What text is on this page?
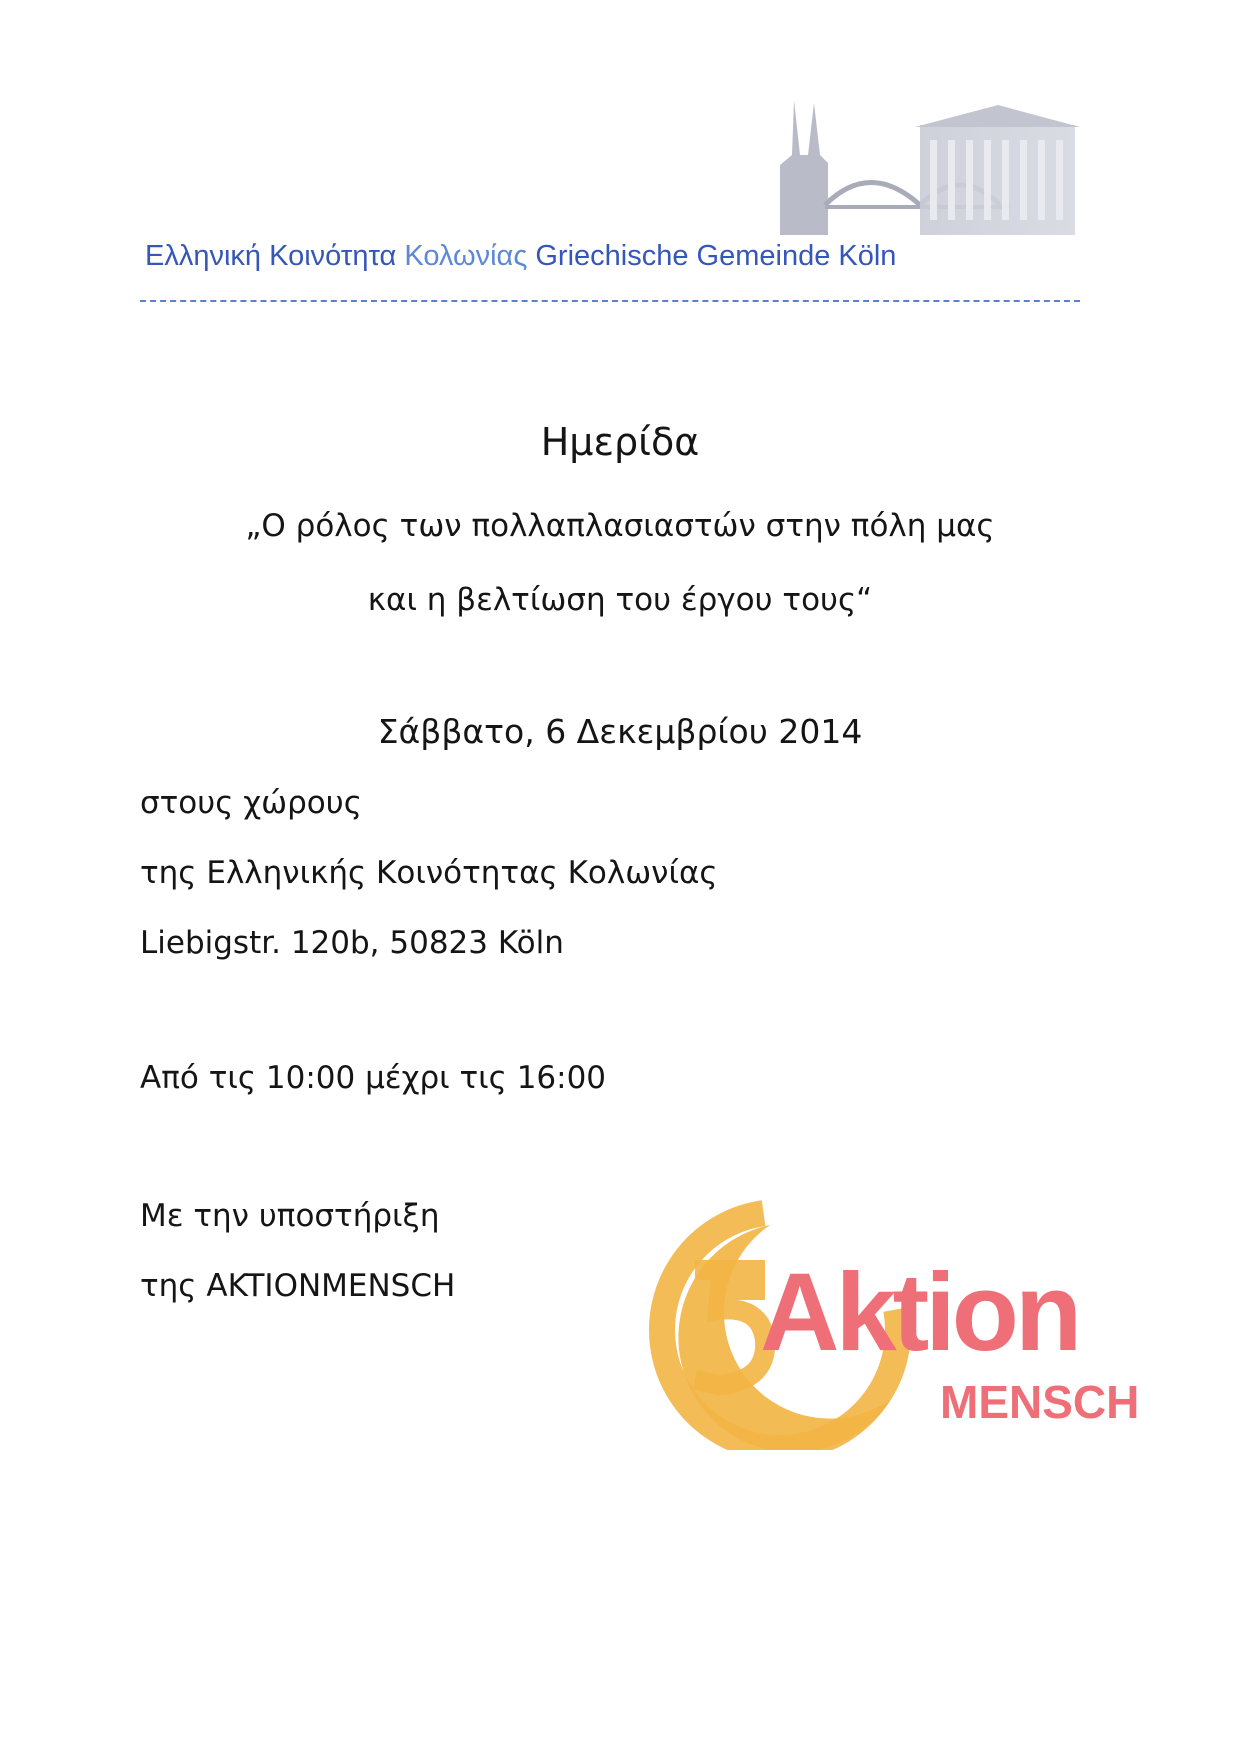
Ελληνική Κοινότητα Κολωνίας Griechische Gemeinde Köln
Ημερίδα
„Ο ρόλος των πολλαπλασιαστών στην πόλη μας
και η βελτίωση του έργου τους“
Σάββατο, 6 Δεκεμβρίου 2014
στους χώρους
της Ελληνικής Κοινότητας Κολωνίας
Liebigstr. 120b, 50823 Köln
Από τις 10:00 μέχρι τις 16:00
Με την υποστήριξη
της AKTIONMENSCH	Aktion
MENSCH
